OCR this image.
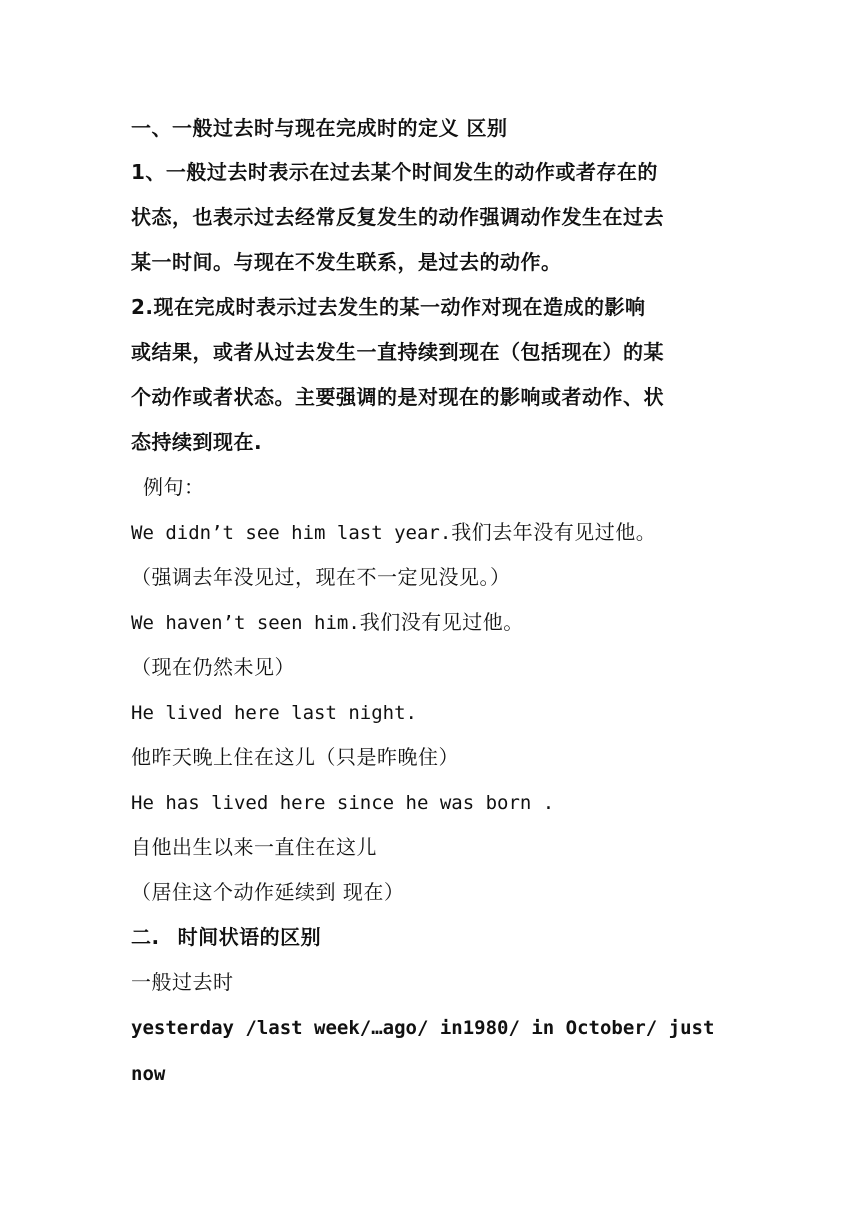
一、一般过去时与现在完成时的定义 区别
1、一般过去时表示在过去某个时间发生的动作或者存在的
状态，也表示过去经常反复发生的动作强调动作发生在过去
某一时间。与现在不发生联系，是过去的动作。
2.现在完成时表示过去发生的某一动作对现在造成的影响
或结果，或者从过去发生一直持续到现在（包括现在）的某
个动作或者状态。主要强调的是对现在的影响或者动作、状
态持续到现在.
例句：
We didn’t see him last year.我们去年没有见过他。
（强调去年没见过，现在不一定见没见。）
We haven’t seen him.我们没有见过他。
（现在仍然未见）
He lived here last night.
他昨天晚上住在这儿（只是昨晚住）
He has lived here since he was born .
自他出生以来一直住在这儿
（居住这个动作延续到 现在）
二. 时间状语的区别
一般过去时
yesterday /last week/…ago/ in1980/ in October/ just
now
